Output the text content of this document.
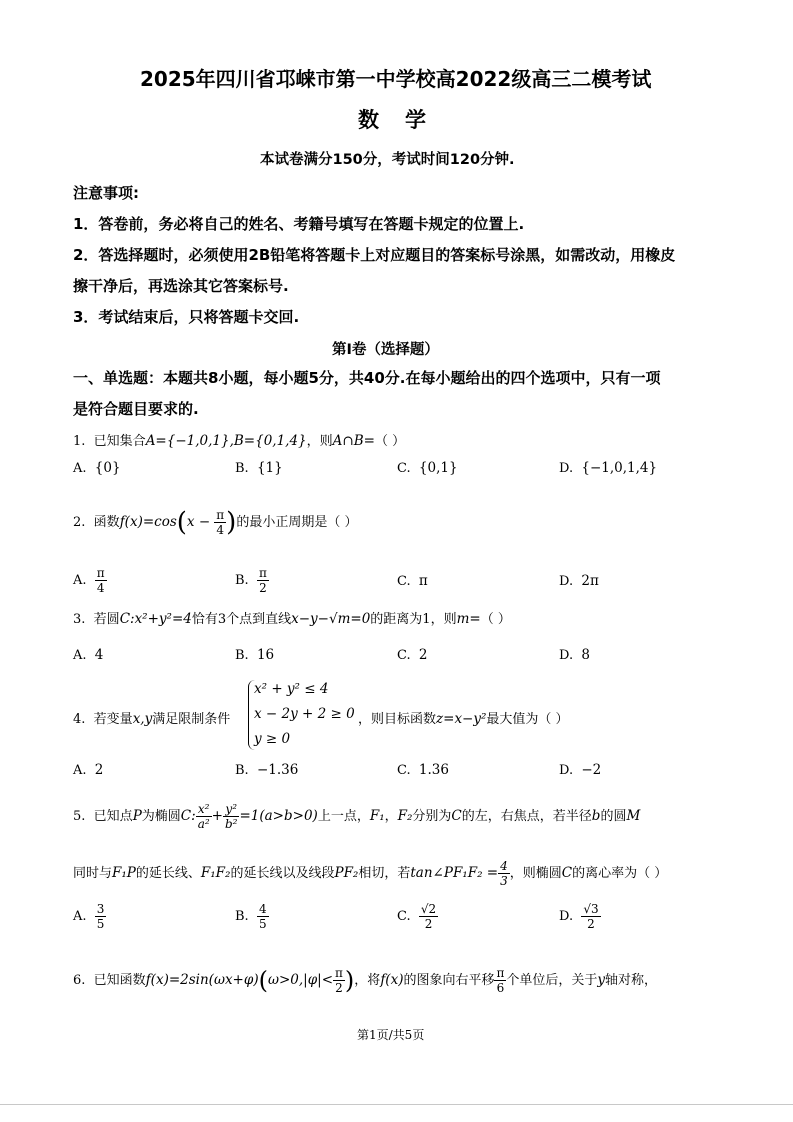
2025年四川省邛崃市第一中学校高2022级高三二模考试
数学
本试卷满分150分，考试时间120分钟.
注意事项:
1．答卷前，务必将自己的姓名、考籍号填写在答题卡规定的位置上.
2．答选择题时，必须使用2B铅笔将答题卡上对应题目的答案标号涂黑，如需改动，用橡皮
擦干净后，再选涂其它答案标号.
3．考试结束后，只将答题卡交回.
第I卷（选择题）
一、单选题：本题共8小题，每小题5分，共40分.在每小题给出的四个选项中，只有一项
是符合题目要求的.
1. 已知集合A={−1,0,1},B={0,1,4}，则A∩B=（ ）
A. {0}	B. {1}	C. {0,1}	D. {−1,0,1,4}
2. 函数$f(x)=\cos(x - \frac{\pi}{4}$ )的最小正周期是（ ）
A. $\frac{\pi}{4}$	B. $\frac{\pi}{2}$	C. π	D. 2π
3. 若圆C:x²+y²=4恰有3个点到直线x−y−√m=0的距离为1，则m=（ ）
A. 4	B. 16	C. 2	D. 8
4. 若变量x,y满足限制条件
x² + y² ≤ 4
x − 2y + 2 ≥ 0
y ≥ 0
，则目标函数z=x−y²最大值为（ ）
A. 2	B. −1.36	C. 1.36	D. −2
5. 已知点P为椭圆C: $\frac{\text{x²}}{\text{a²}} + \frac{\text{y²}}{\text{b²}} =1(a>b>0)$上一点，F₁，F₂分别为C的左，右焦点，若半径b的圆M
同时与F₁P的延长线、F₁F₂的延长线以及线段PF₂相切，若tan∠PF₁F₂ = $\frac{4}{3}$ ，则椭圆C的离心率为（ ）
A. $\frac{3}{5}$	B. $\frac{4}{5}$	C. $\frac{√2}{2}$	D. $\frac{√3}{2}$
6. 已知函数$f(x)=2\sin(\omega x+\varphi)(\omega>0,|\varphi|< \frac{\pi}{2}$ )，将f(x)的图象向右平移 $\frac{\pi}{6}$ 个单位后，关于y轴对称，
第1页/共5页
